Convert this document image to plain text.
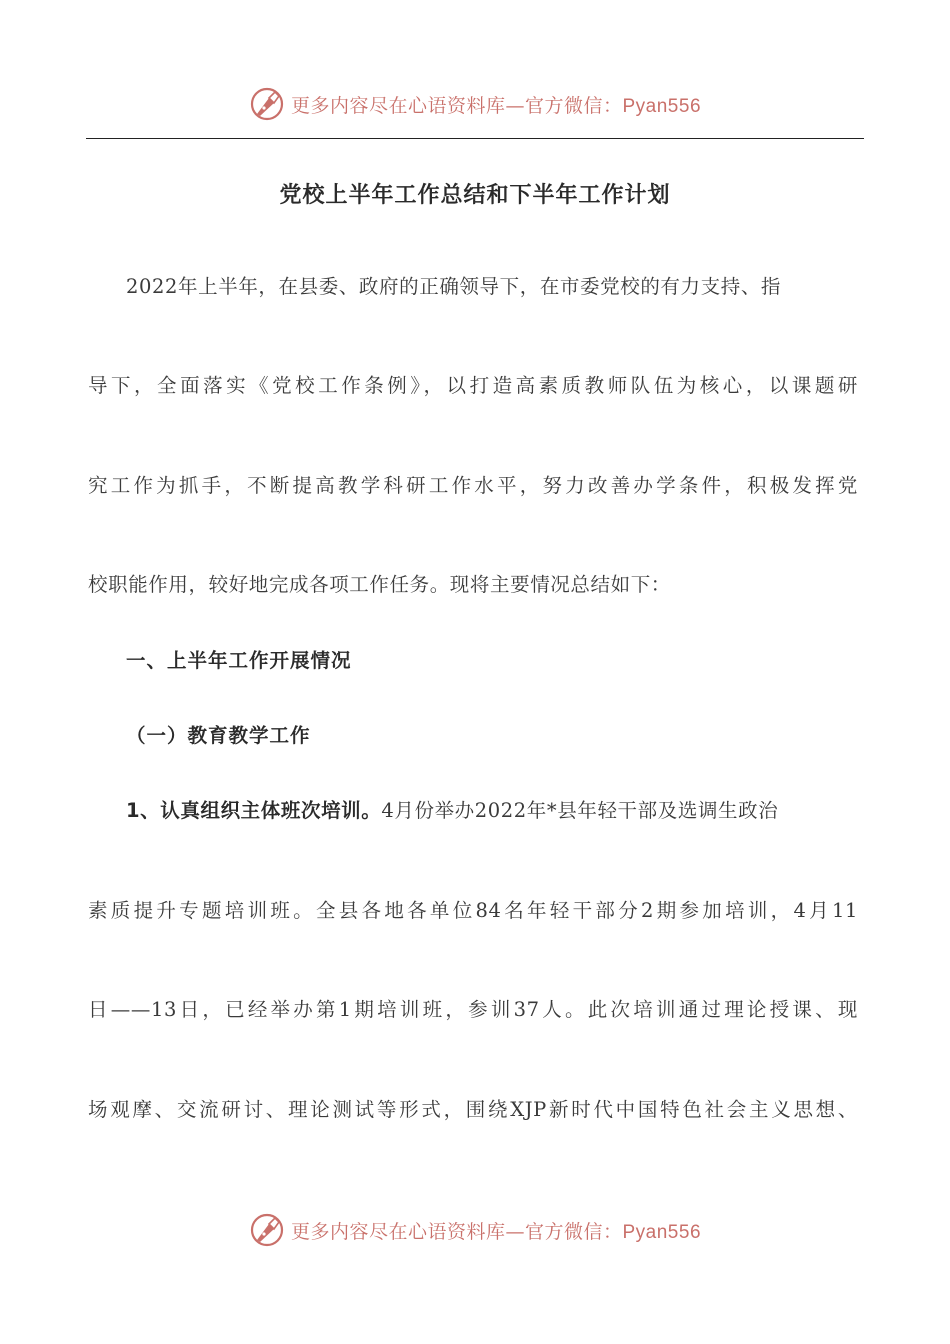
更多内容尽在心语资料库—官方微信：Pyan556
党校上半年工作总结和下半年工作计划
2022年上半年，在县委、政府的正确领导下，在市委党校的有力支持、指
导下，全面落实《党校工作条例》，以打造高素质教师队伍为核心，以课题研
究工作为抓手，不断提高教学科研工作水平，努力改善办学条件，积极发挥党
校职能作用，较好地完成各项工作任务。现将主要情况总结如下：
一、上半年工作开展情况
（一）教育教学工作
1、认真组织主体班次培训。4月份举办2022年*县年轻干部及选调生政治
素质提升专题培训班。全县各地各单位84名年轻干部分2期参加培训，4月11
日——13日，已经举办第1期培训班，参训37人。此次培训通过理论授课、现
场观摩、交流研讨、理论测试等形式，围绕XJP新时代中国特色社会主义思想、
更多内容尽在心语资料库—官方微信：Pyan556
